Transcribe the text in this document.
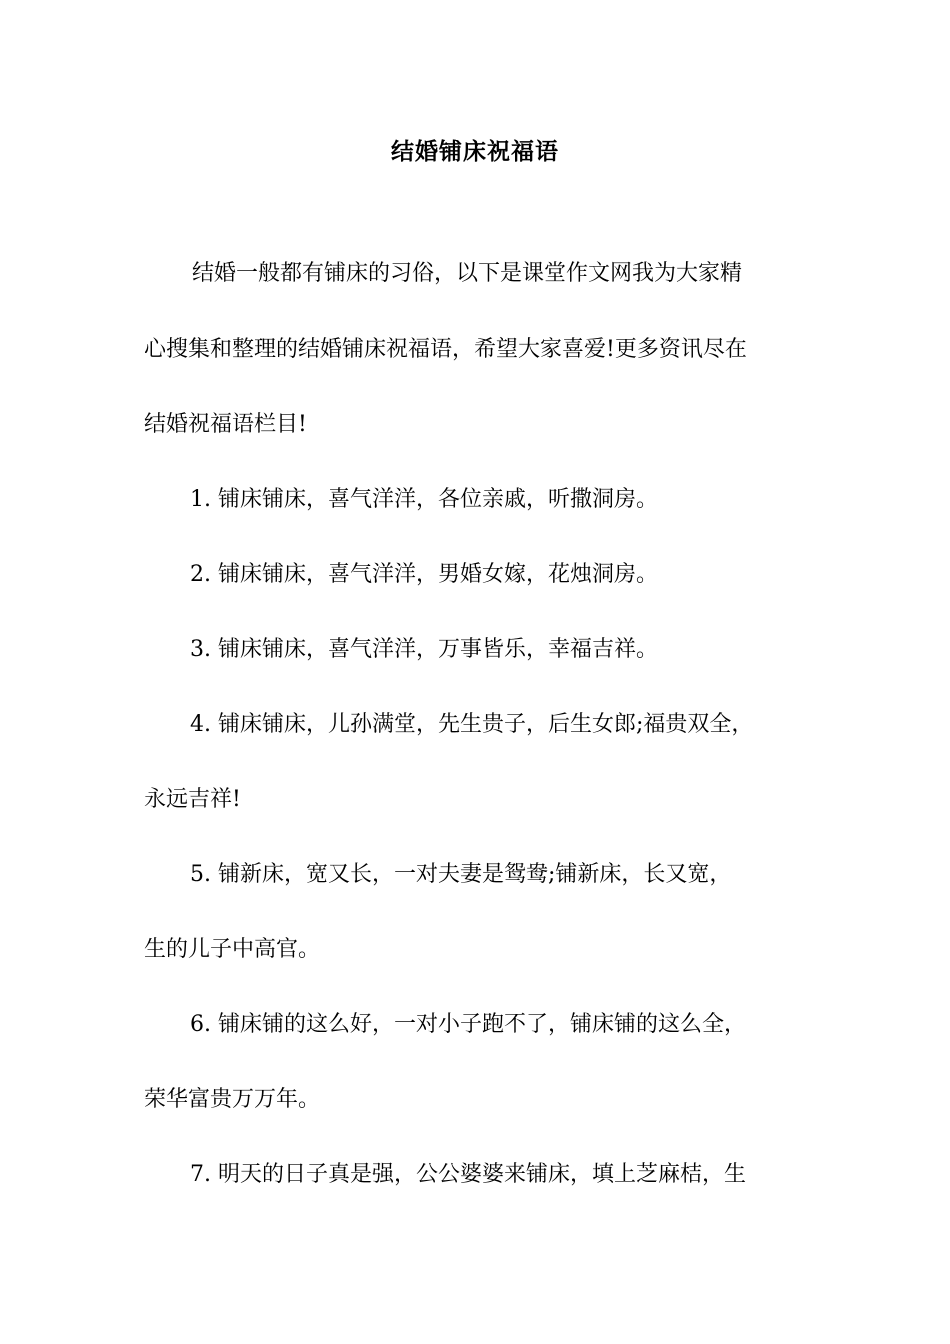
结婚铺床祝福语
结婚一般都有铺床的习俗，以下是课堂作文网我为大家精
心搜集和整理的结婚铺床祝福语，希望大家喜爱!更多资讯尽在
结婚祝福语栏目!
1. 铺床铺床，喜气洋洋，各位亲戚，听撒洞房。
2. 铺床铺床，喜气洋洋，男婚女嫁，花烛洞房。
3. 铺床铺床，喜气洋洋，万事皆乐，幸福吉祥。
4. 铺床铺床，儿孙满堂，先生贵子，后生女郎;福贵双全，
永远吉祥!
5. 铺新床，宽又长，一对夫妻是鸳鸯;铺新床，长又宽，
生的儿子中高官。
6. 铺床铺的这么好，一对小子跑不了，铺床铺的这么全，
荣华富贵万万年。
7. 明天的日子真是强，公公婆婆来铺床，填上芝麻桔，生
